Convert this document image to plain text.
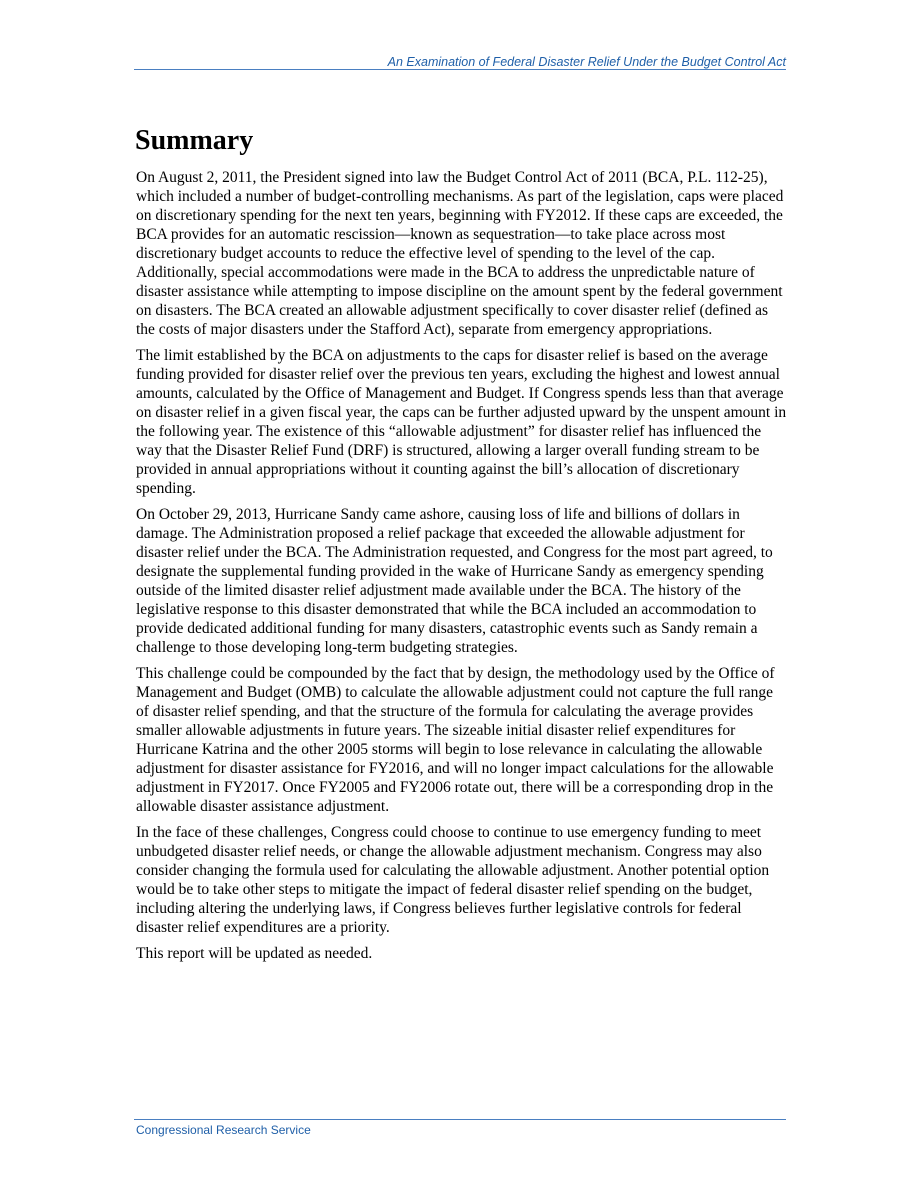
An Examination of Federal Disaster Relief Under the Budget Control Act
Summary

On August 2, 2011, the President signed into law the Budget Control Act of 2011 (BCA, P.L. 112-25), which included a number of budget-controlling mechanisms. As part of the legislation, caps were placed on discretionary spending for the next ten years, beginning with FY2012. If these caps are exceeded, the BCA provides for an automatic rescission—known as sequestration—to take place across most discretionary budget accounts to reduce the effective level of spending to the level of the cap. Additionally, special accommodations were made in the BCA to address the unpredictable nature of disaster assistance while attempting to impose discipline on the amount spent by the federal government on disasters. The BCA created an allowable adjustment specifically to cover disaster relief (defined as the costs of major disasters under the Stafford Act), separate from emergency appropriations.

The limit established by the BCA on adjustments to the caps for disaster relief is based on the average funding provided for disaster relief over the previous ten years, excluding the highest and lowest annual amounts, calculated by the Office of Management and Budget. If Congress spends less than that average on disaster relief in a given fiscal year, the caps can be further adjusted upward by the unspent amount in the following year. The existence of this “allowable adjustment” for disaster relief has influenced the way that the Disaster Relief Fund (DRF) is structured, allowing a larger overall funding stream to be provided in annual appropriations without it counting against the bill’s allocation of discretionary spending.

On October 29, 2013, Hurricane Sandy came ashore, causing loss of life and billions of dollars in damage. The Administration proposed a relief package that exceeded the allowable adjustment for disaster relief under the BCA. The Administration requested, and Congress for the most part agreed, to designate the supplemental funding provided in the wake of Hurricane Sandy as emergency spending outside of the limited disaster relief adjustment made available under the BCA. The history of the legislative response to this disaster demonstrated that while the BCA included an accommodation to provide dedicated additional funding for many disasters, catastrophic events such as Sandy remain a challenge to those developing long-term budgeting strategies.

This challenge could be compounded by the fact that by design, the methodology used by the Office of Management and Budget (OMB) to calculate the allowable adjustment could not capture the full range of disaster relief spending, and that the structure of the formula for calculating the average provides smaller allowable adjustments in future years. The sizeable initial disaster relief expenditures for Hurricane Katrina and the other 2005 storms will begin to lose relevance in calculating the allowable adjustment for disaster assistance for FY2016, and will no longer impact calculations for the allowable adjustment in FY2017. Once FY2005 and FY2006 rotate out, there will be a corresponding drop in the allowable disaster assistance adjustment.

In the face of these challenges, Congress could choose to continue to use emergency funding to meet unbudgeted disaster relief needs, or change the allowable adjustment mechanism. Congress may also consider changing the formula used for calculating the allowable adjustment. Another potential option would be to take other steps to mitigate the impact of federal disaster relief spending on the budget, including altering the underlying laws, if Congress believes further legislative controls for federal disaster relief expenditures are a priority.

This report will be updated as needed.

Congressional Research Service
